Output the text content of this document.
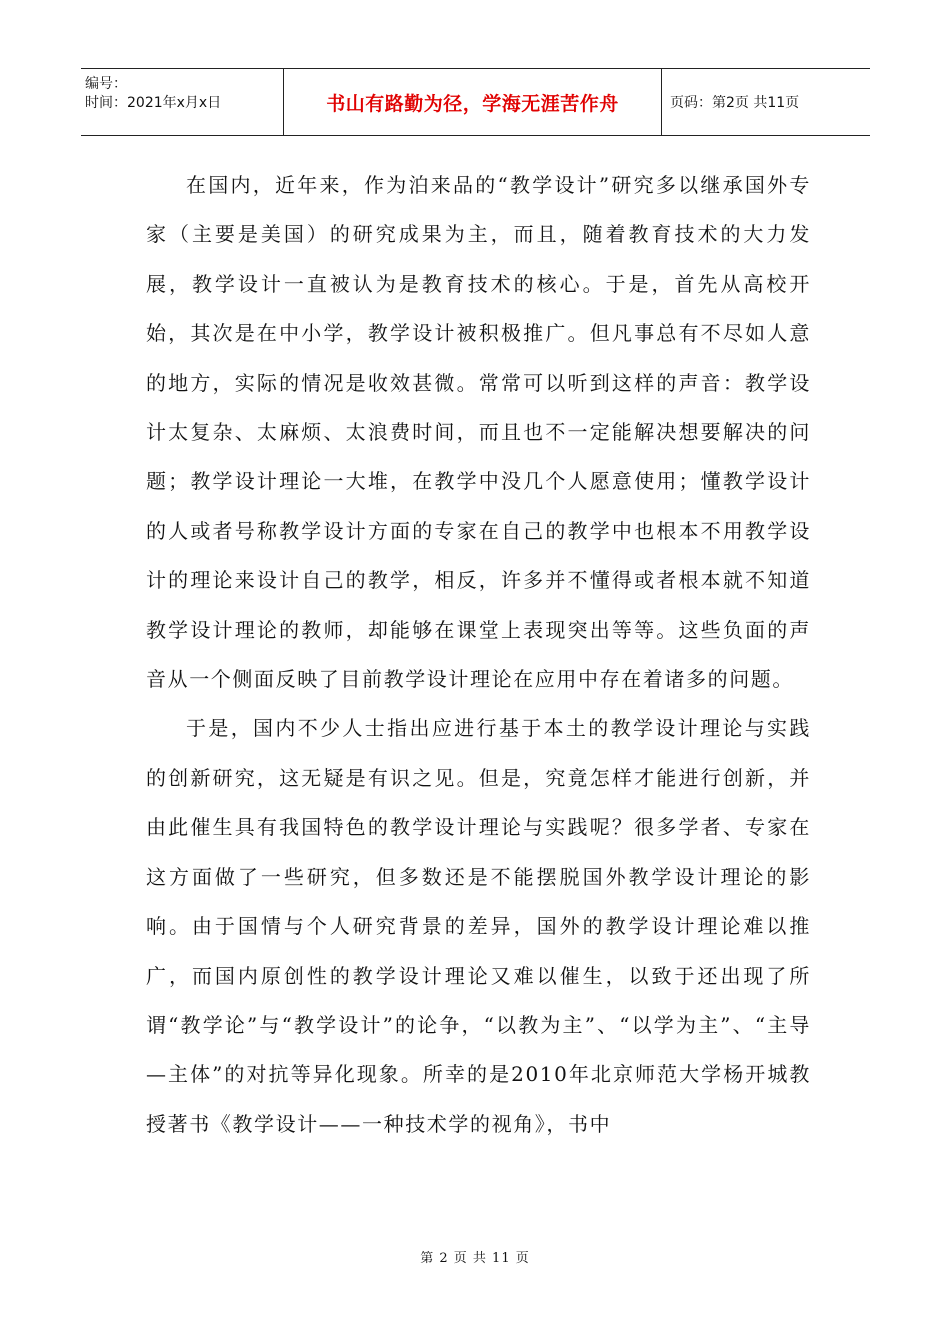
编号：
时间：2021年x月x日	书山有路勤为径，学海无涯苦作舟	页码：第2页 共11页

在国内，近年来，作为泊来品的“教学设计”研究多以继承国外专家（主要是美国）的研究成果为主，而且，随着教育技术的大力发展，教学设计一直被认为是教育技术的核心。于是，首先从高校开始，其次是在中小学，教学设计被积极推广。但凡事总有不尽如人意的地方，实际的情况是收效甚微。常常可以听到这样的声音：教学设计太复杂、太麻烦、太浪费时间，而且也不一定能解决想要解决的问题；教学设计理论一大堆，在教学中没几个人愿意使用；懂教学设计的人或者号称教学设计方面的专家在自己的教学中也根本不用教学设计的理论来设计自己的教学，相反，许多并不懂得或者根本就不知道教学设计理论的教师，却能够在课堂上表现突出等等。这些负面的声音从一个侧面反映了目前教学设计理论在应用中存在着诸多的问题。

于是，国内不少人士指出应进行基于本土的教学设计理论与实践的创新研究，这无疑是有识之见。但是，究竟怎样才能进行创新，并由此催生具有我国特色的教学设计理论与实践呢？很多学者、专家在这方面做了一些研究，但多数还是不能摆脱国外教学设计理论的影响。由于国情与个人研究背景的差异，国外的教学设计理论难以推广，而国内原创性的教学设计理论又难以催生，以致于还出现了所谓“教学论”与“教学设计”的论争，“以教为主”、“以学为主”、“主导—主体”的对抗等异化现象。所幸的是2010年北京师范大学杨开城教授著书《教学设计——一种技术学的视角》，书中

第 2 页 共 11 页
